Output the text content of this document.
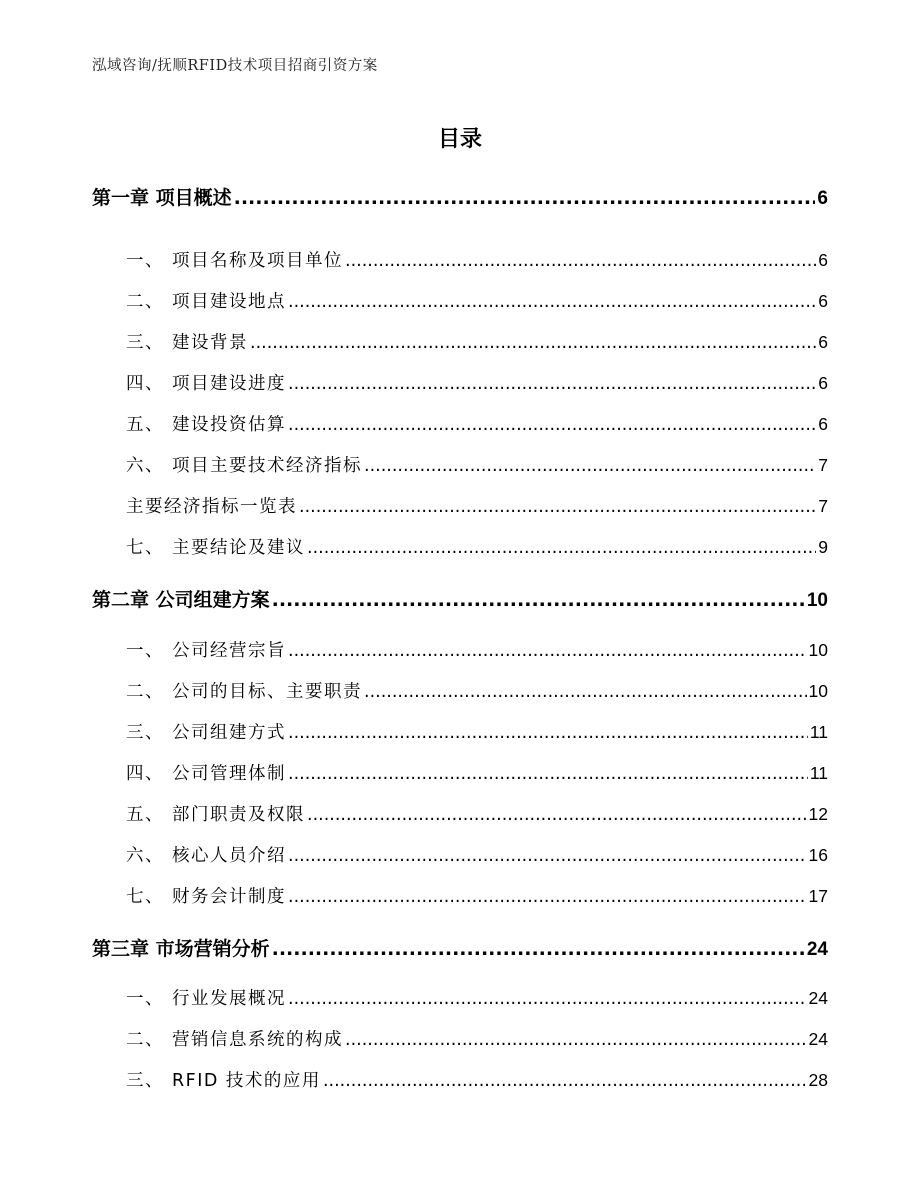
泓域咨询/抚顺RFID技术项目招商引资方案
目录
第一章 项目概述 .....	6
一、 项目名称及项目单位 .....	6
二、 项目建设地点 .....	6
三、 建设背景 .....	6
四、 项目建设进度 .....	6
五、 建设投资估算 .....	6
六、 项目主要技术经济指标 .....	7
主要经济指标一览表 .....	7
七、 主要结论及建议 .....	9
第二章 公司组建方案 .....	10
一、 公司经营宗旨 .....	10
二、 公司的目标、主要职责 .....	10
三、 公司组建方式 .....	11
四、 公司管理体制 .....	11
五、 部门职责及权限 .....	12
六、 核心人员介绍 .....	16
七、 财务会计制度 .....	17
第三章 市场营销分析 .....	24
一、 行业发展概况 .....	24
二、 营销信息系统的构成 .....	24
三、 RFID 技术的应用 .....	28
